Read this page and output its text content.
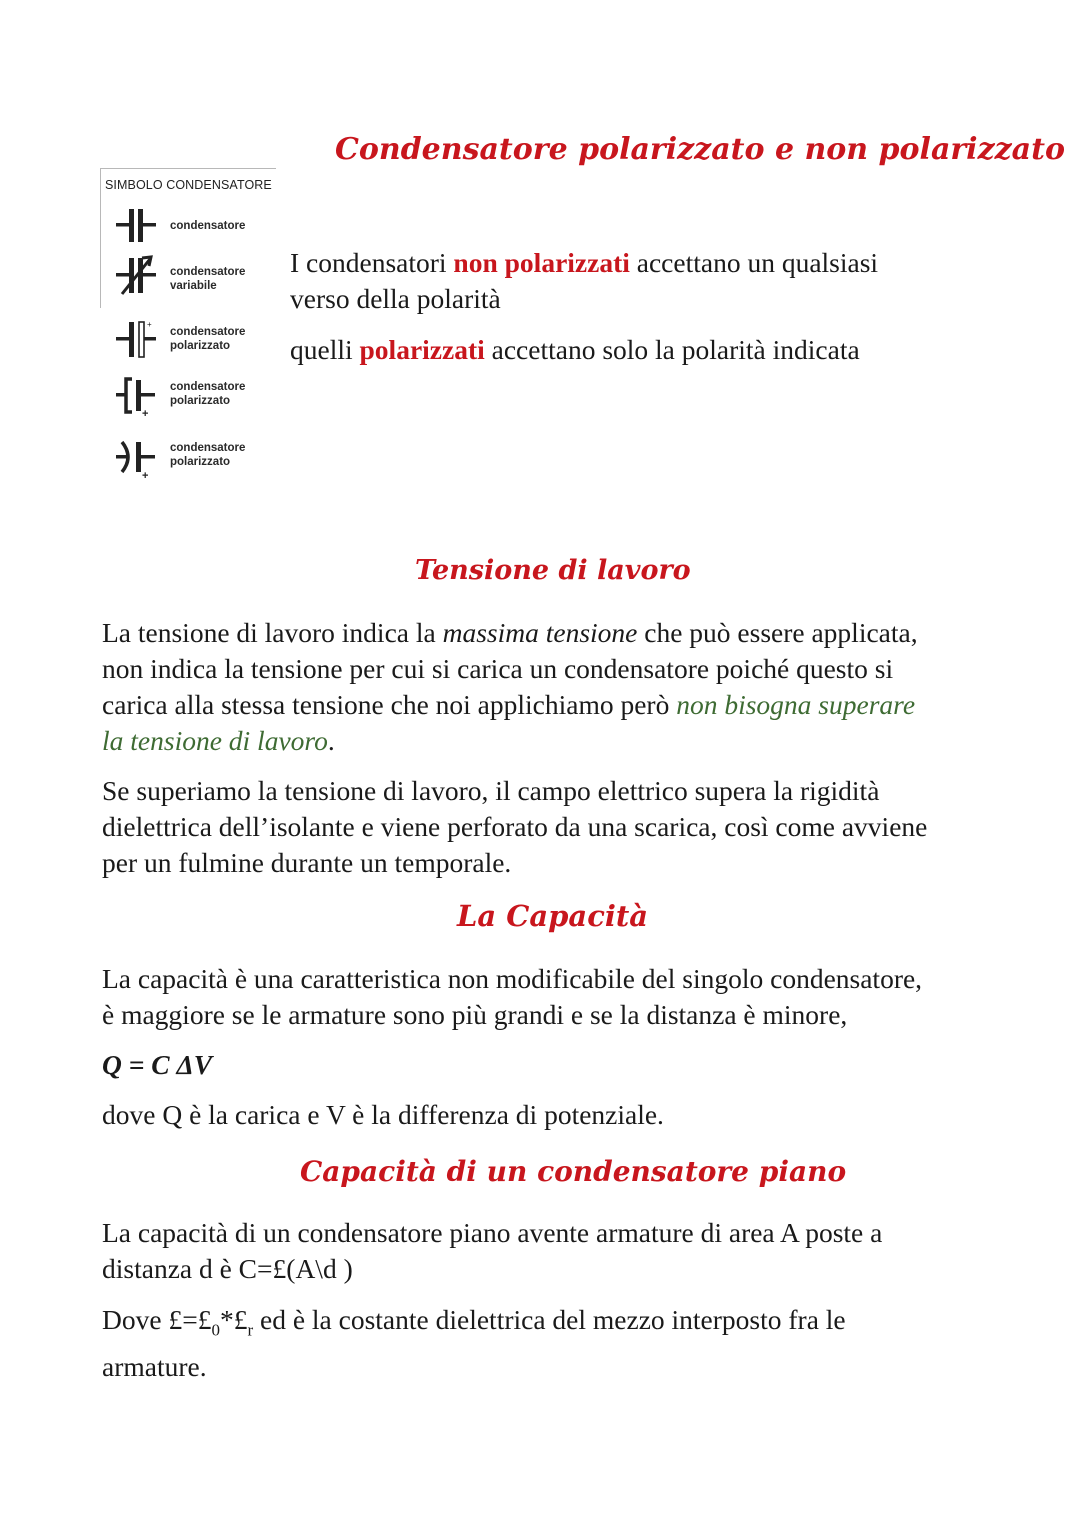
Condensatore polarizzato e non polarizzato
SIMBOLO CONDENSATORE
condensatore
condensatore
variabile
+
condensatore
polarizzato
+
condensatore
polarizzato
+
condensatore
polarizzato

I condensatori non polarizzati accettano un qualsiasi
verso della polarità

quelli polarizzati accettano solo la polarità indicata

Tensione di lavoro

La tensione di lavoro indica la massima tensione che può essere applicata,
non indica la tensione per cui si carica un condensatore poiché questo si
carica alla stessa tensione che noi applichiamo però non bisogna superare
la tensione di lavoro.

Se superiamo la tensione di lavoro, il campo elettrico supera la rigidità
dielettrica dell’isolante e viene perforato da una scarica, così come avviene
per un fulmine durante un temporale.

La Capacità

La capacità è una caratteristica non modificabile del singolo condensatore,
è maggiore se le armature sono più grandi e se la distanza è minore,

Q = C ΔV

dove Q è la carica e V è la differenza di potenziale.

Capacità di un condensatore piano

La capacità di un condensatore piano avente armature di area A poste a
distanza d è C=£(A\d )

Dove $£=£_0*£_r$ ed è la costante dielettrica del mezzo interposto fra le
armature.
